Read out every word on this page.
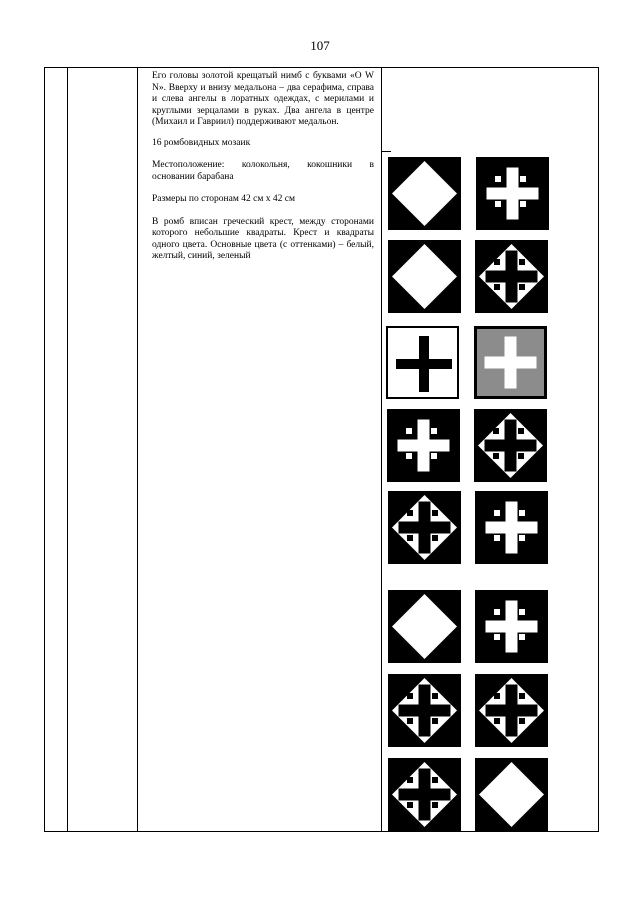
107

Его головы золотой крещатый нимб с буквами «О W N». Вверху и внизу медальона – два серафима, справа и слева ангелы в лоратных одеждах, с мерилами и круглыми зерцалами в руках. Два ангела в центре (Михаил и Гавриил) поддерживают медальон.

16 ромбовидных мозаик

Местоположение: колокольня, кокошники в основании барабана

Размеры по сторонам 42 см х 42 см

В ромб вписан греческий крест, между сторонами которого небольшие квадраты. Крест и квадраты одного цвета. Основные цвета (с оттенками) – белый, желтый, синий, зеленый
